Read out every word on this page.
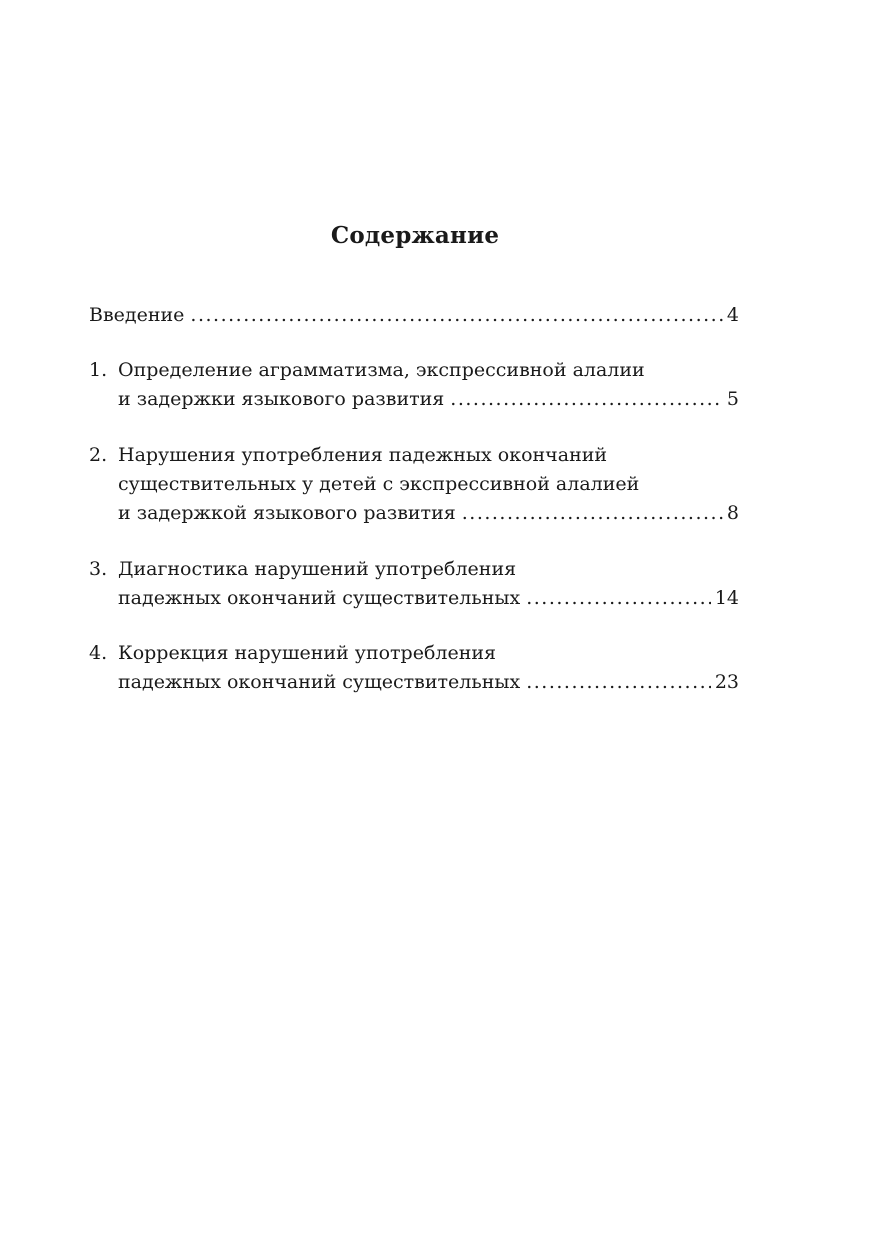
Содержание
Введение .....	4
1. Определение аграмматизма, экспрессивной алалии
и задержки языкового развития .....	5
2. Нарушения употребления падежных окончаний
существительных у детей с экспрессивной алалией
и задержкой языкового развития .....	8
3. Диагностика нарушений употребления
падежных окончаний существительных .....	14
4. Коррекция нарушений употребления
падежных окончаний существительных .....	23
